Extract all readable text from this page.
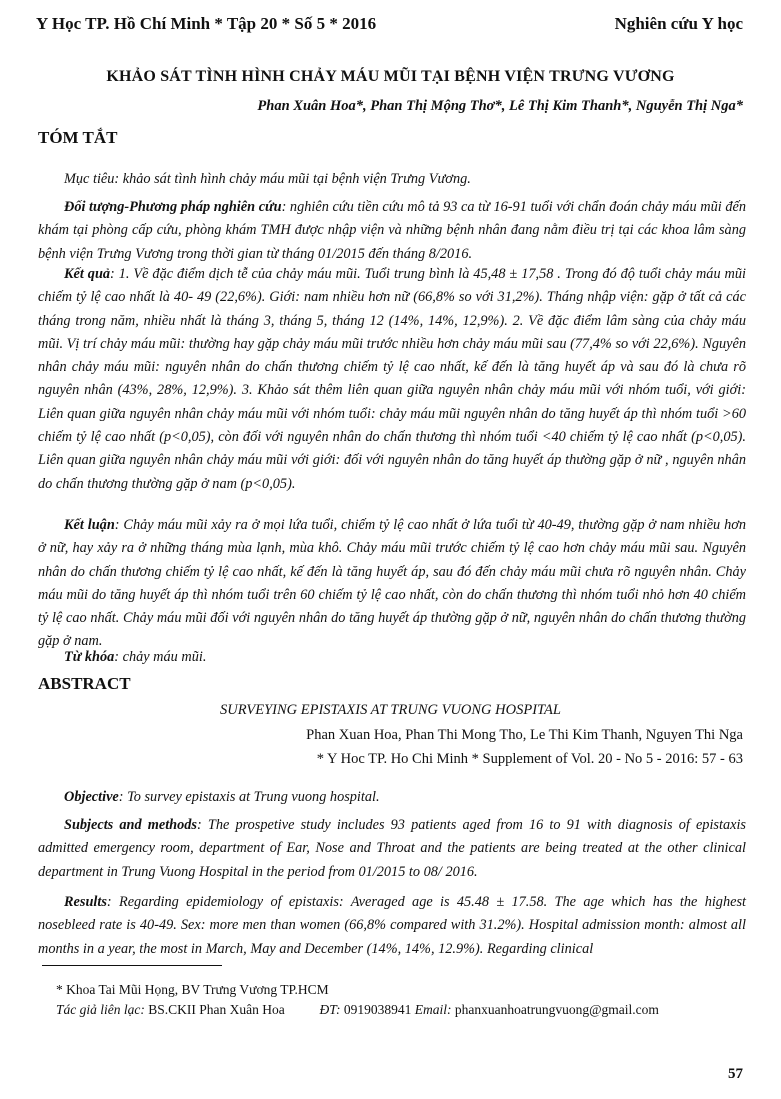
Y Học TP. Hồ Chí Minh * Tập 20 * Số 5 * 2016	Nghiên cứu Y học
KHẢO SÁT TÌNH HÌNH CHẢY MÁU MŨI TẠI BỆNH VIỆN TRƯNG VƯƠNG
Phan Xuân Hoa*, Phan Thị Mộng Thơ*, Lê Thị Kim Thanh*, Nguyễn Thị Nga*
TÓM TẮT
Mục tiêu: khảo sát tình hình chảy máu mũi tại bệnh viện Trưng Vương.
Đối tượng-Phương pháp nghiên cứu: nghiên cứu tiền cứu mô tả 93 ca từ 16-91 tuổi với chẩn đoán chảy máu mũi đến khám tại phòng cấp cứu, phòng khám TMH được nhập viện và những bệnh nhân đang nằm điều trị tại các khoa lâm sàng bệnh viện Trưng Vương trong thời gian từ tháng 01/2015 đến tháng 8/2016.
Kết quả: 1. Về đặc điểm dịch tễ của chảy máu mũi. Tuổi trung bình là 45,48 ± 17,58 . Trong đó độ tuổi chảy máu mũi chiếm tỷ lệ cao nhất là 40- 49 (22,6%). Giới: nam nhiều hơn nữ (66,8% so với 31,2%). Tháng nhập viện: gặp ở tất cả các tháng trong năm, nhiều nhất là tháng 3, tháng 5, tháng 12 (14%, 14%, 12,9%). 2. Về đặc điểm lâm sàng của chảy máu mũi. Vị trí chảy máu mũi: thường hay gặp chảy máu mũi trước nhiều hơn chảy máu mũi sau (77,4% so với 22,6%). Nguyên nhân chảy máu mũi: nguyên nhân do chấn thương chiếm tỷ lệ cao nhất, kế đến là tăng huyết áp và sau đó là chưa rõ nguyên nhân (43%, 28%, 12,9%). 3. Khảo sát thêm liên quan giữa nguyên nhân chảy máu mũi với nhóm tuổi, với giới: Liên quan giữa nguyên nhân chảy máu mũi với nhóm tuổi: chảy máu mũi nguyên nhân do tăng huyết áp thì nhóm tuổi >60 chiếm tỷ lệ cao nhất (p<0,05), còn đối với nguyên nhân do chấn thương thì nhóm tuổi <40 chiếm tỷ lệ cao nhất (p<0,05). Liên quan giữa nguyên nhân chảy máu mũi với giới: đối với nguyên nhân do tăng huyết áp thường gặp ở nữ , nguyên nhân do chấn thương thường gặp ở nam (p<0,05).
Kết luận: Chảy máu mũi xảy ra ở mọi lứa tuổi, chiếm tỷ lệ cao nhất ở lứa tuổi từ 40-49, thường gặp ở nam nhiều hơn ở nữ, hay xảy ra ở những tháng mùa lạnh, mùa khô. Chảy máu mũi trước chiếm tỷ lệ cao hơn chảy máu mũi sau. Nguyên nhân do chấn thương chiếm tỷ lệ cao nhất, kế đến là tăng huyết áp, sau đó đến chảy máu mũi chưa rõ nguyên nhân. Chảy máu mũi do tăng huyết áp thì nhóm tuổi trên 60 chiếm tỷ lệ cao nhất, còn do chấn thương thì nhóm tuổi nhỏ hơn 40 chiếm tỷ lệ cao nhất. Chảy máu mũi đối với nguyên nhân do tăng huyết áp thường gặp ở nữ, nguyên nhân do chấn thương thường gặp ở nam.
Từ khóa: chảy máu mũi.
ABSTRACT
SURVEYING EPISTAXIS AT TRUNG VUONG HOSPITAL
Phan Xuan Hoa, Phan Thi Mong Tho, Le Thi Kim Thanh, Nguyen Thi Nga
* Y Hoc TP. Ho Chi Minh * Supplement of Vol. 20 - No 5 - 2016: 57 - 63
Objective: To survey epistaxis at Trung vuong hospital.
Subjects and methods: The prospetive study includes 93 patients aged from 16 to 91 with diagnosis of epistaxis admitted emergency room, department of Ear, Nose and Throat and the patients are being treated at the other clinical department in Trung Vuong Hospital in the period from 01/2015 to 08/ 2016.
Results: Regarding epidemiology of epistaxis: Averaged age is 45.48 ± 17.58. The age which has the highest nosebleed rate is 40-49. Sex: more men than women (66,8% compared with 31.2%). Hospital admission month: almost all months in a year, the most in March, May and December (14%, 14%, 12.9%). Regarding clinical
* Khoa Tai Mũi Họng, BV Trưng Vương TP.HCM
Tác giả liên lạc: BS.CKII Phan Xuân Hoa	ĐT: 0919038941 Email: phanxuanhoatrungvuong@gmail.com
57
